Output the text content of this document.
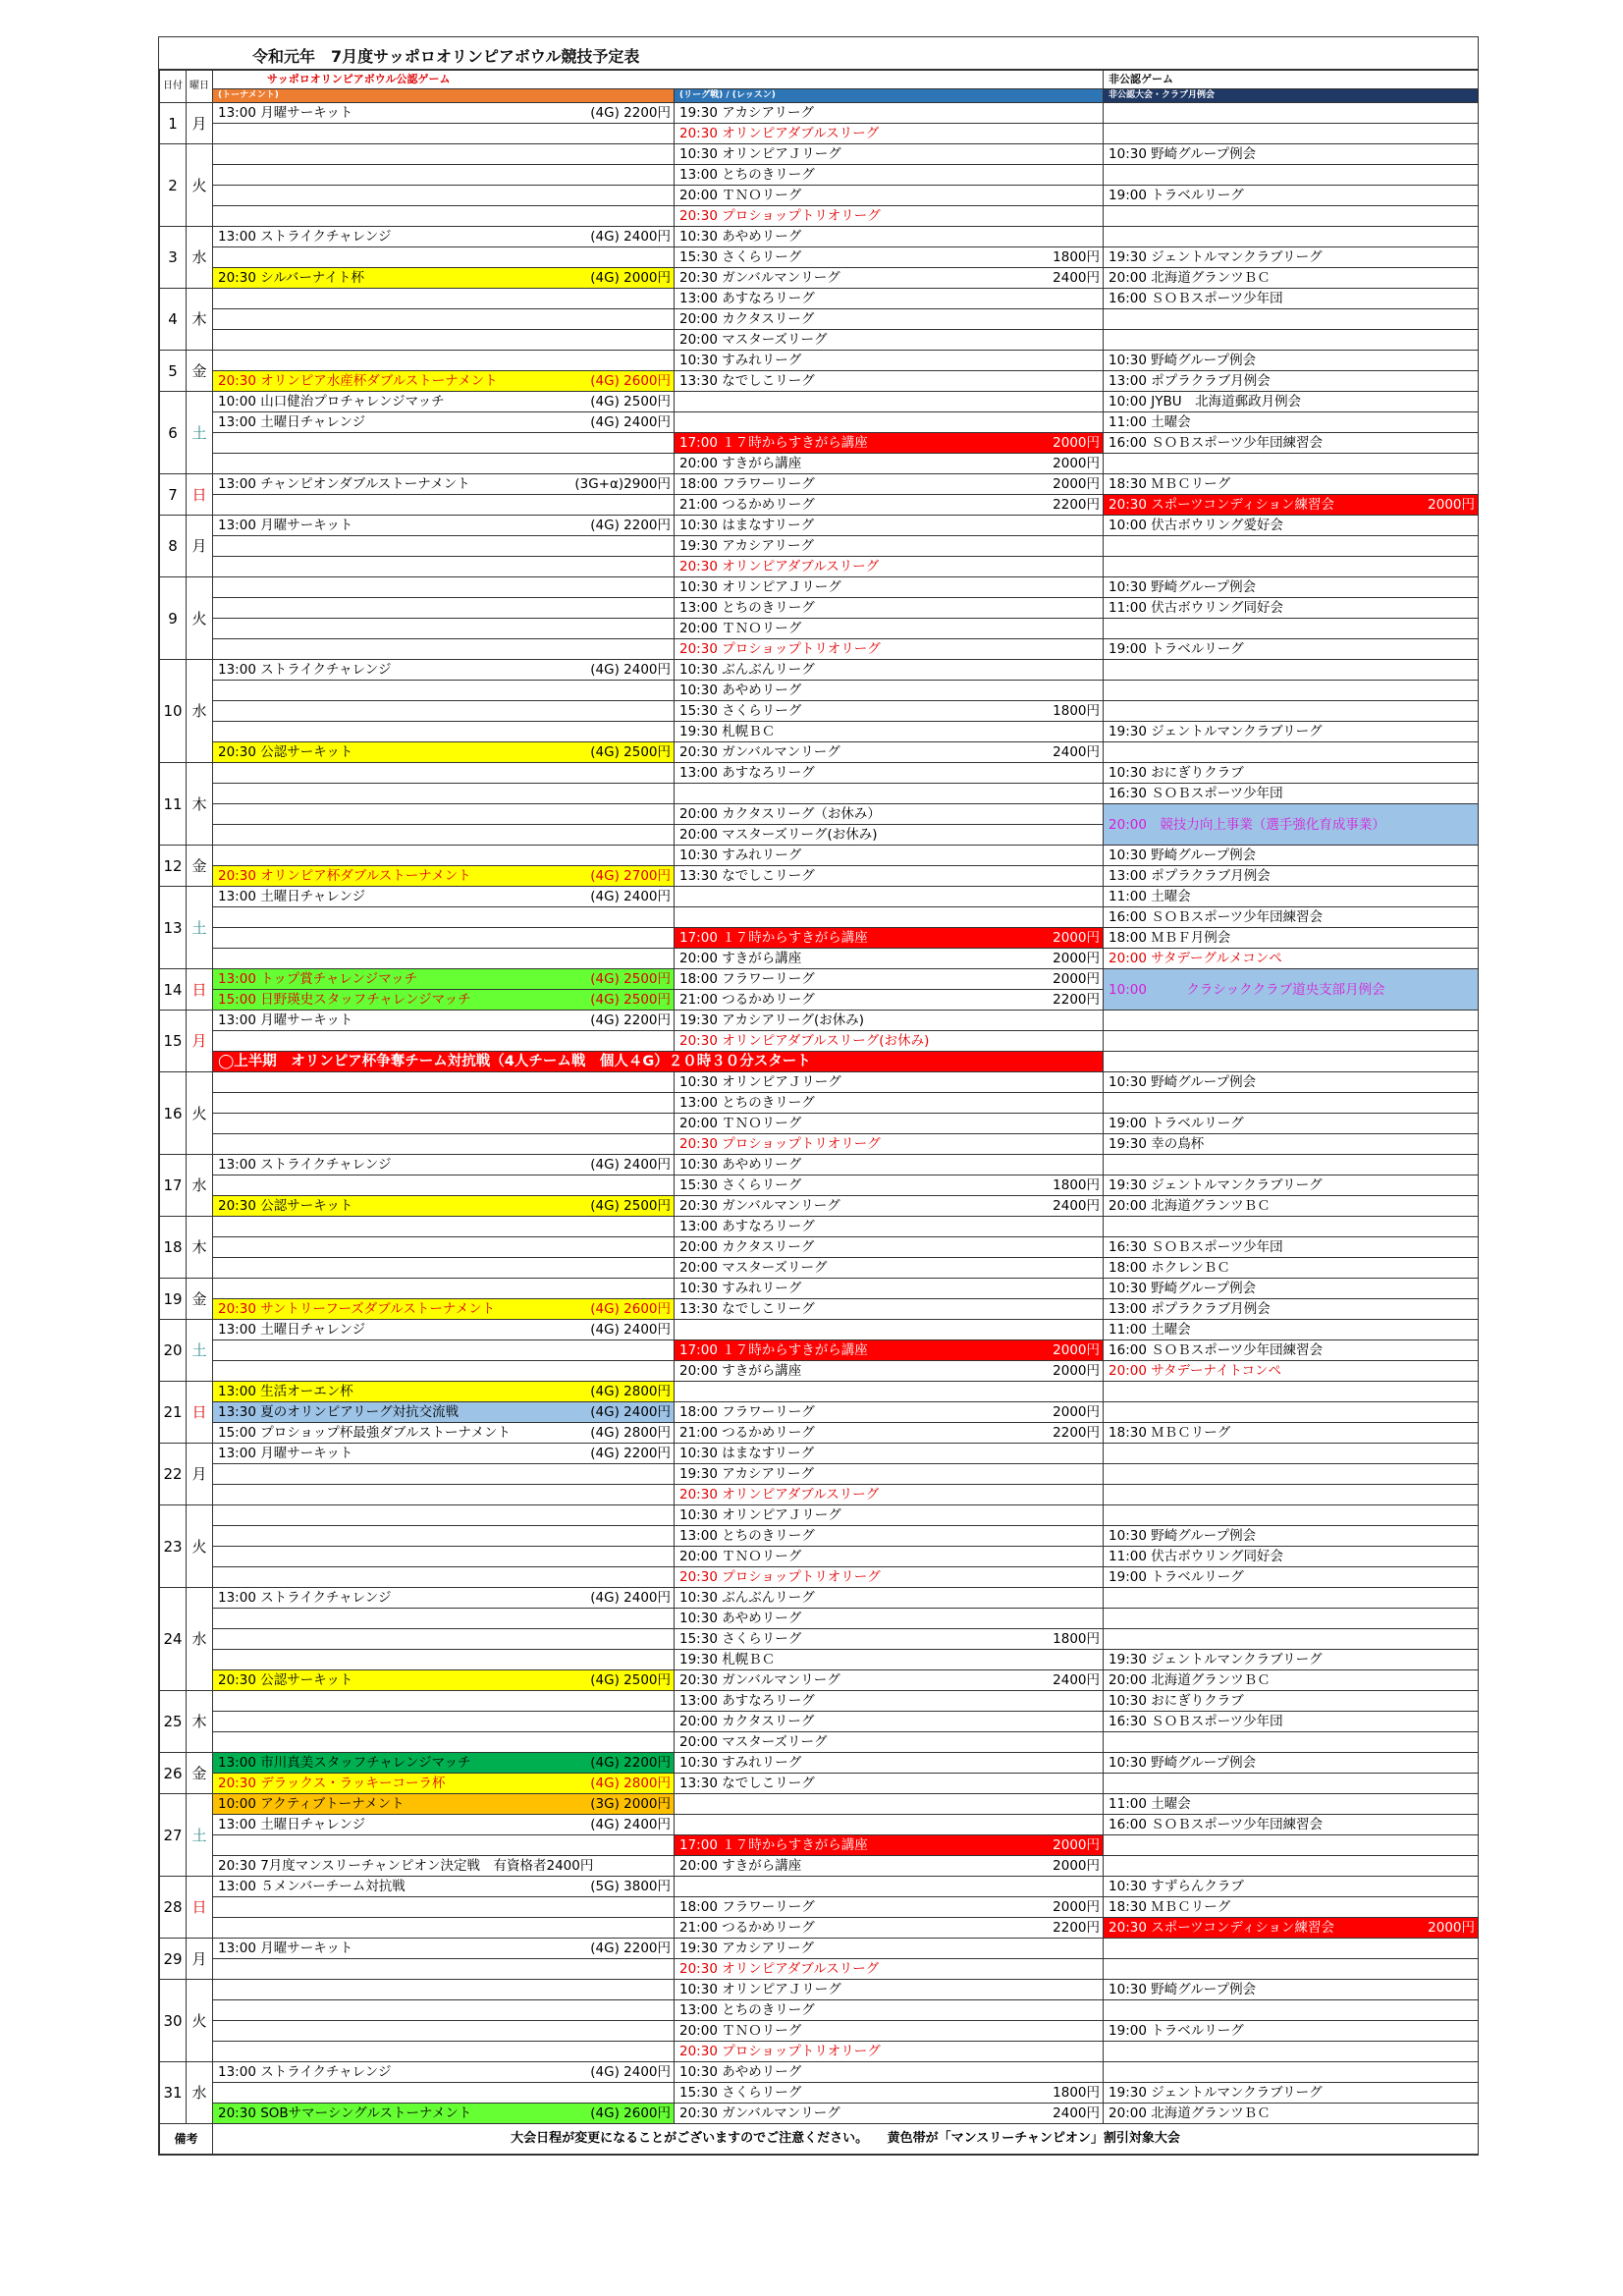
令和元年　7月度サッポロオリンピアボウル競技予定表
日付	曜日	サッポロオリンピアボウル公認ゲーム		非公認ゲーム
		(トーナメント)	(リーグ戦) / (レッスン)	非公認大会・クラブ月例会
1	月	13:00 月曜サーキット (4G) 2200円	19:30 アカシアリーグ	

			20:30 オリンピアダブルスリーグ	

2	火		10:30 オリンピアＪリーグ	10:30 野崎グループ例会

			13:00 とちのきリーグ	

			20:00 ＴＮＯリーグ	19:00 トラベルリーグ

			20:30 プロショップトリオリーグ	

3	水	13:00 ストライクチャレンジ (4G) 2400円	10:30 あやめリーグ	

			15:30 さくらリーグ 1800円	19:30 ジェントルマンクラブリーグ

		20:30 シルバーナイト杯 (4G) 2000円	20:30 ガンバルマンリーグ 2400円	20:00 北海道グランツＢＣ

4	木		13:00 あすなろリーグ	16:00 ＳＯＢスポーツ少年団

			20:00 カクタスリーグ	

			20:00 マスターズリーグ	

5	金		10:30 すみれリーグ	10:30 野崎グループ例会

		20:30 オリンピア水産杯ダブルストーナメント (4G) 2600円	13:30 なでしこリーグ	13:00 ポプラクラブ月例会

6	土	10:00 山口健治プロチャレンジマッチ (4G) 2500円		10:00 JYBU　北海道郵政月例会

		13:00 土曜日チャレンジ (4G) 2400円		11:00 土曜会

			17:00 １７時からすきがら講座 2000円	16:00 ＳＯＢスポーツ少年団練習会

			20:00 すきがら講座 2000円	

7	日	13:00 チャンピオンダブルストーナメント (3G+α)2900円	18:00 フラワーリーグ 2000円	18:30 ＭＢＣリーグ

			21:00 つるかめリーグ 2200円	20:30 スポーツコンディション練習会 2000円

8	月	13:00 月曜サーキット (4G) 2200円	10:30 はまなすリーグ	10:00 伏古ボウリング愛好会

			19:30 アカシアリーグ	

			20:30 オリンピアダブルスリーグ	

9	火		10:30 オリンピアＪリーグ	10:30 野崎グループ例会

			13:00 とちのきリーグ	11:00 伏古ボウリング同好会

			20:00 ＴＮＯリーグ	

			20:30 プロショップトリオリーグ	19:00 トラベルリーグ

10	水	13:00 ストライクチャレンジ (4G) 2400円	10:30 ぶんぶんリーグ	

			10:30 あやめリーグ	

			15:30 さくらリーグ 1800円	

			19:30 札幌ＢＣ	19:30 ジェントルマンクラブリーグ

		20:30 公認サーキット (4G) 2500円	20:30 ガンバルマンリーグ 2400円	

11	木		13:00 あすなろリーグ	10:30 おにぎりクラブ

				16:30 ＳＯＢスポーツ少年団

			20:00 カクタスリーグ（お休み）	20:00　競技力向上事業（選手強化育成事業）

			20:00 マスターズリーグ(お休み)	

12	金		10:30 すみれリーグ	10:30 野崎グループ例会

		20:30 オリンピア杯ダブルストーナメント (4G) 2700円	13:30 なでしこリーグ	13:00 ポプラクラブ月例会

13	土	13:00 土曜日チャレンジ (4G) 2400円		11:00 土曜会

				16:00 ＳＯＢスポーツ少年団練習会

			17:00 １７時からすきがら講座 2000円	18:00 ＭＢＦ月例会

			20:00 すきがら講座 2000円	20:00 サタデーグルメコンペ

14	日	13:00 トップ賞チャレンジマッチ (4G) 2500円	18:00 フラワーリーグ 2000円	10:00　　　クラシッククラブ道央支部月例会

		15:00 日野瑛史スタッフチャレンジマッチ (4G) 2500円	21:00 つるかめリーグ 2200円	

15	月	13:00 月曜サーキット (4G) 2200円	19:30 アカシアリーグ(お休み)	

			20:30 オリンピアダブルスリーグ(お休み)	

		◯上半期　オリンピア杯争奪チーム対抗戦（4人チーム戦　個人４G）２０時３０分スタート		

16	火		10:30 オリンピアＪリーグ	10:30 野崎グループ例会

			13:00 とちのきリーグ	

			20:00 ＴＮＯリーグ	19:00 トラベルリーグ

			20:30 プロショップトリオリーグ	19:30 幸の鳥杯

17	水	13:00 ストライクチャレンジ (4G) 2400円	10:30 あやめリーグ	

			15:30 さくらリーグ 1800円	19:30 ジェントルマンクラブリーグ

		20:30 公認サーキット (4G) 2500円	20:30 ガンバルマンリーグ 2400円	20:00 北海道グランツＢＣ

18	木		13:00 あすなろリーグ	

			20:00 カクタスリーグ	16:30 ＳＯＢスポーツ少年団

			20:00 マスターズリーグ	18:00 ホクレンＢＣ

19	金		10:30 すみれリーグ	10:30 野崎グループ例会

		20:30 サントリーフーズダブルストーナメント (4G) 2600円	13:30 なでしこリーグ	13:00 ポプラクラブ月例会

20	土	13:00 土曜日チャレンジ (4G) 2400円		11:00 土曜会

			17:00 １７時からすきがら講座 2000円	16:00 ＳＯＢスポーツ少年団練習会

			20:00 すきがら講座 2000円	20:00 サタデーナイトコンペ

21	日	13:00 生活オーエン杯 (4G) 2800円		

		13:30 夏のオリンピアリーグ対抗交流戦 (4G) 2400円	18:00 フラワーリーグ 2000円	

		15:00 プロショップ杯最強ダブルストーナメント (4G) 2800円	21:00 つるかめリーグ 2200円	18:30 ＭＢＣリーグ

22	月	13:00 月曜サーキット (4G) 2200円	10:30 はまなすリーグ	

			19:30 アカシアリーグ	

			20:30 オリンピアダブルスリーグ	

23	火		10:30 オリンピアＪリーグ	

			13:00 とちのきリーグ	10:30 野崎グループ例会

			20:00 ＴＮＯリーグ	11:00 伏古ボウリング同好会

			20:30 プロショップトリオリーグ	19:00 トラベルリーグ

24	水	13:00 ストライクチャレンジ (4G) 2400円	10:30 ぶんぶんリーグ	

			10:30 あやめリーグ	

			15:30 さくらリーグ 1800円	

			19:30 札幌ＢＣ	19:30 ジェントルマンクラブリーグ

		20:30 公認サーキット (4G) 2500円	20:30 ガンバルマンリーグ 2400円	20:00 北海道グランツＢＣ

25	木		13:00 あすなろリーグ	10:30 おにぎりクラブ

			20:00 カクタスリーグ	16:30 ＳＯＢスポーツ少年団

			20:00 マスターズリーグ	

26	金	13:00 市川真美スタッフチャレンジマッチ (4G) 2200円	10:30 すみれリーグ	10:30 野崎グループ例会

		20:30 デラックス・ラッキーコーラ杯 (4G) 2800円	13:30 なでしこリーグ	

27	土	10:00 アクティブトーナメント (3G) 2000円		11:00 土曜会

		13:00 土曜日チャレンジ (4G) 2400円		16:00 ＳＯＢスポーツ少年団練習会

			17:00 １７時からすきがら講座 2000円	

		20:30 7月度マンスリーチャンピオン決定戦　有資格者2400円	20:00 すきがら講座 2000円	

28	日	13:00 ５メンバーチーム対抗戦 (5G) 3800円		10:30 すずらんクラブ

			18:00 フラワーリーグ 2000円	18:30 ＭＢＣリーグ

			21:00 つるかめリーグ 2200円	20:30 スポーツコンディション練習会 2000円

29	月	13:00 月曜サーキット (4G) 2200円	19:30 アカシアリーグ	

			20:30 オリンピアダブルスリーグ	

30	火		10:30 オリンピアＪリーグ	10:30 野崎グループ例会

			13:00 とちのきリーグ	

			20:00 ＴＮＯリーグ	19:00 トラベルリーグ

			20:30 プロショップトリオリーグ	

31	水	13:00 ストライクチャレンジ (4G) 2400円	10:30 あやめリーグ	

			15:30 さくらリーグ 1800円	19:30 ジェントルマンクラブリーグ

		20:30 SOBサマーシングルストーナメント (4G) 2600円	20:30 ガンバルマンリーグ 2400円	20:00 北海道グランツＢＣ

備考		大会日程が変更になることがございますのでご注意ください。　　黄色帯が「マンスリーチャンピオン」割引対象大会		
